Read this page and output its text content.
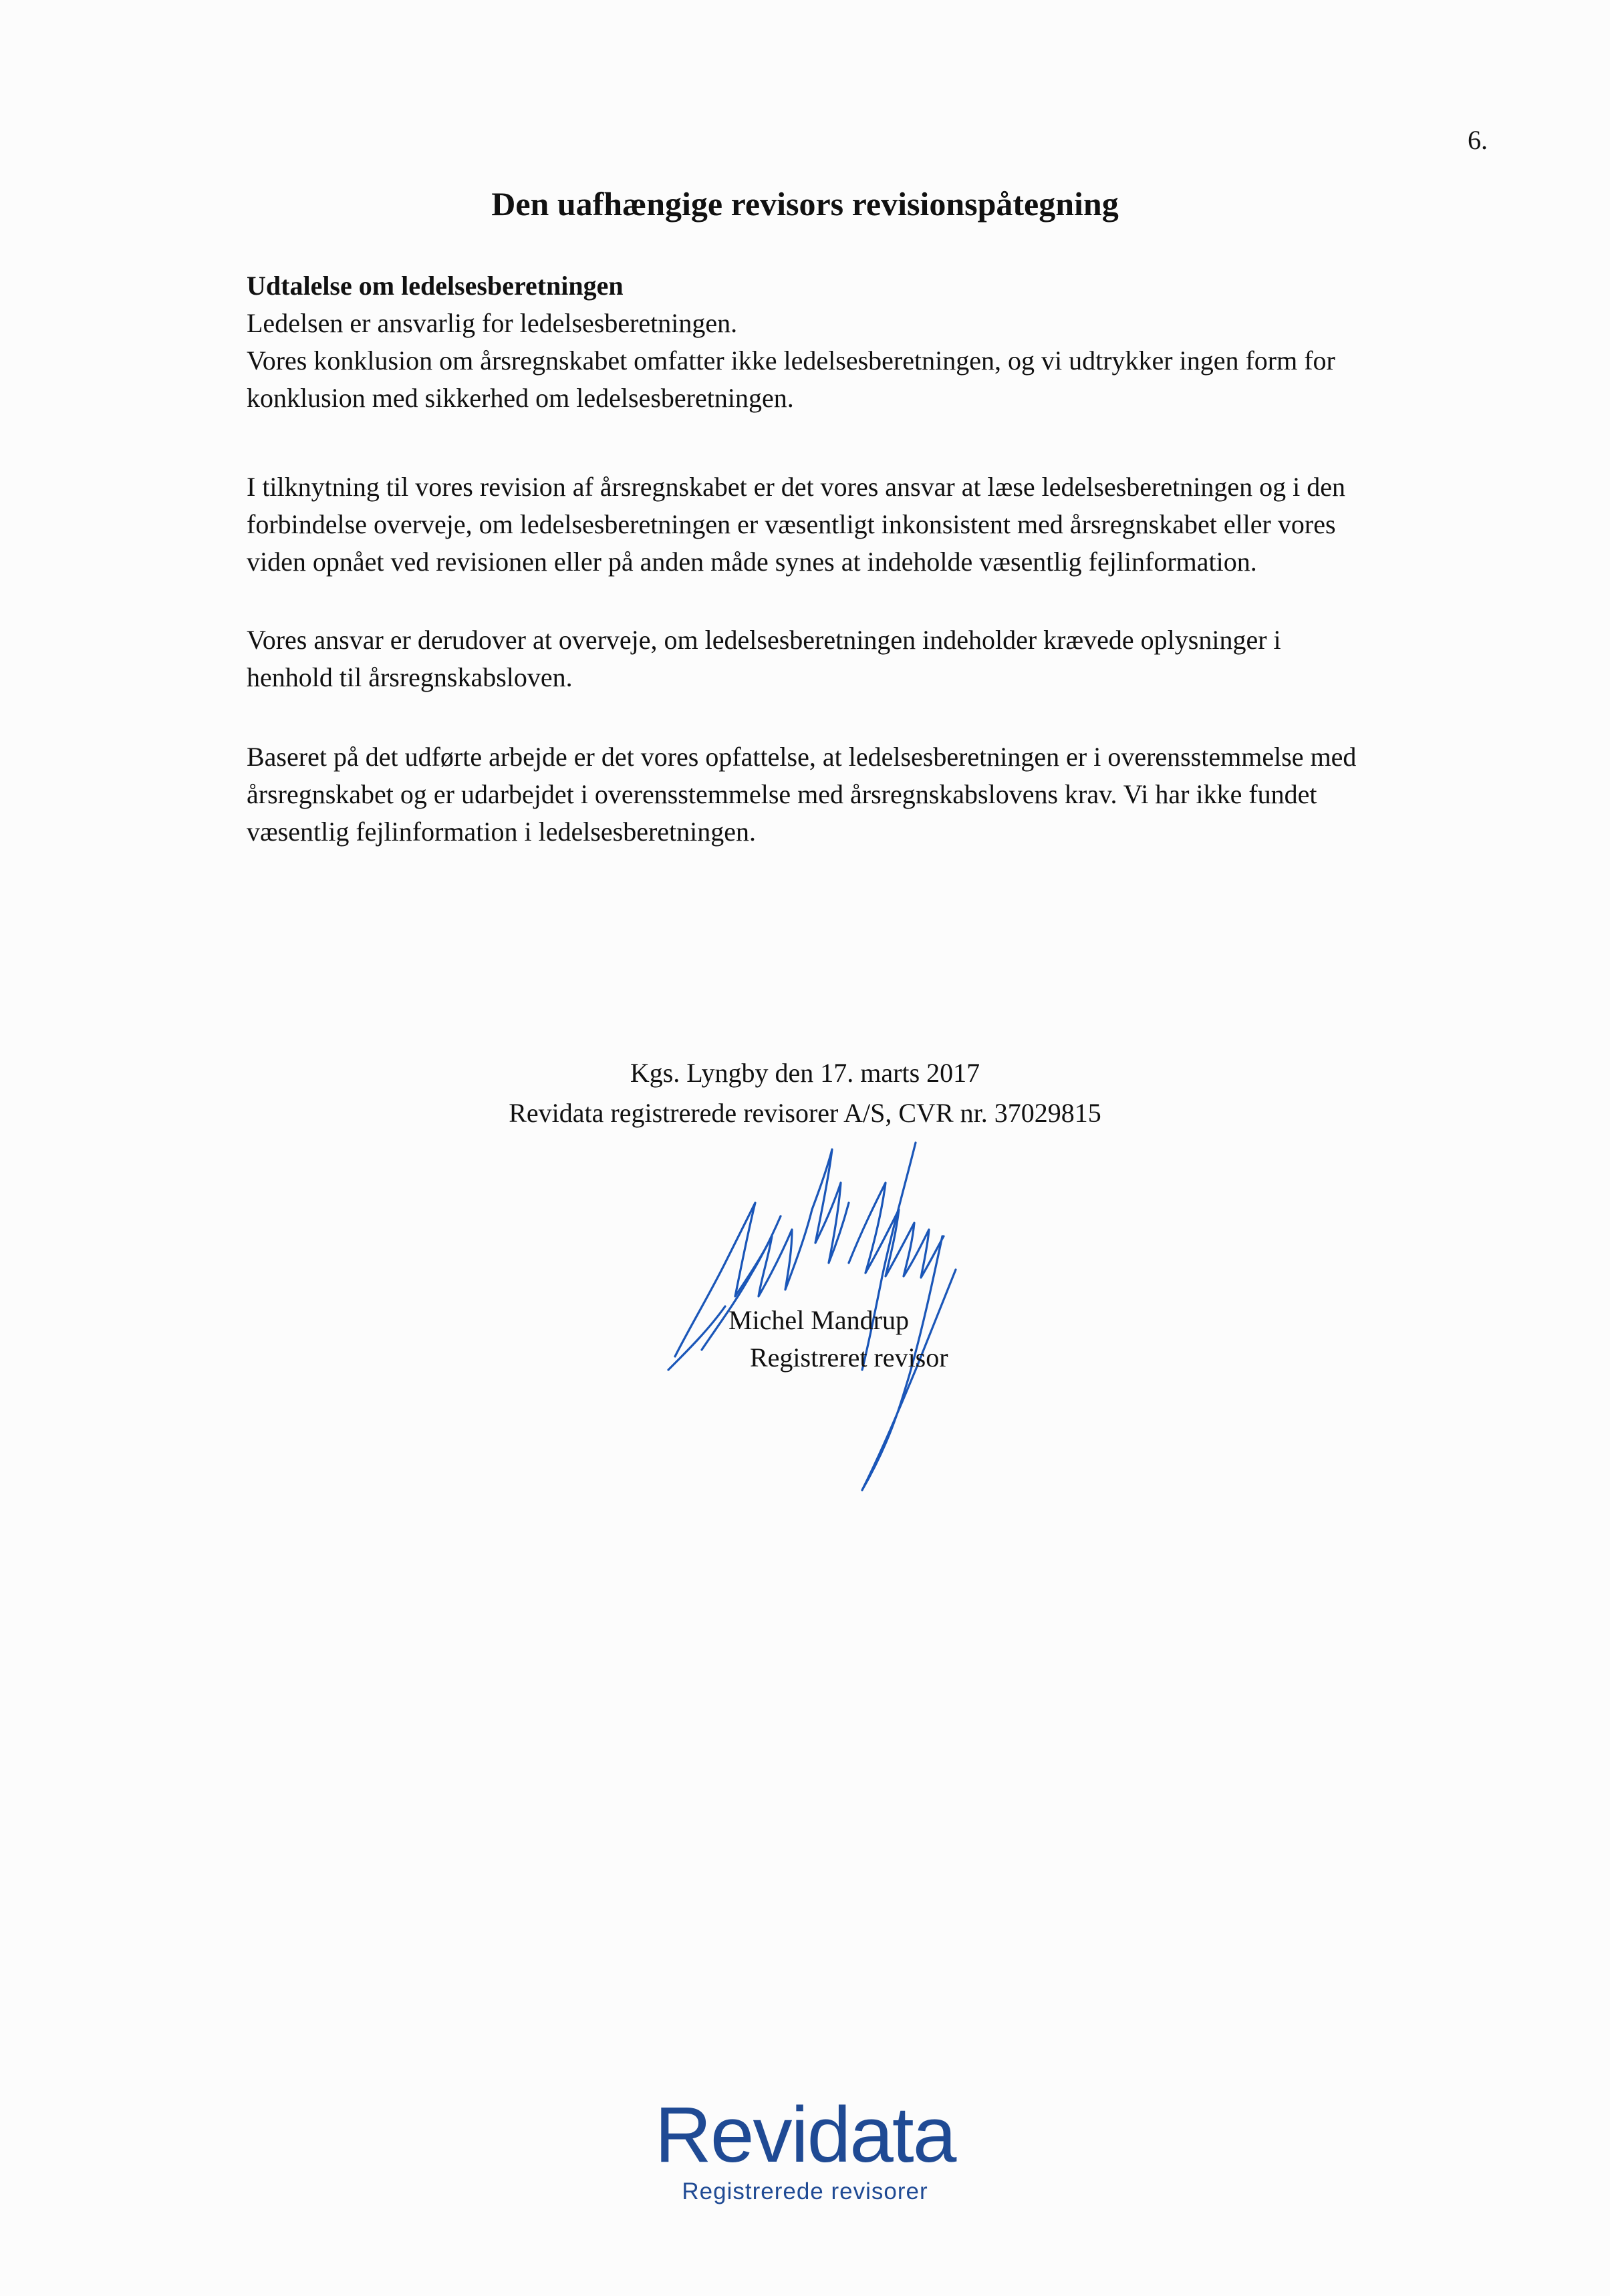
6.
Den uafhængige revisors revisionspåtegning
Udtalelse om ledelsesberetningen
Ledelsen er ansvarlig for ledelsesberetningen.
Vores konklusion om årsregnskabet omfatter ikke ledelsesberetningen, og vi udtrykker ingen form for
konklusion med sikkerhed om ledelsesberetningen.
I tilknytning til vores revision af årsregnskabet er det vores ansvar at læse ledelsesberetningen og i den
forbindelse overveje, om ledelsesberetningen er væsentligt inkonsistent med årsregnskabet eller vores
viden opnået ved revisionen eller på anden måde synes at indeholde væsentlig fejlinformation.
Vores ansvar er derudover at overveje, om ledelsesberetningen indeholder krævede oplysninger i
henhold til årsregnskabsloven.
Baseret på det udførte arbejde er det vores opfattelse, at ledelsesberetningen er i overensstemmelse med
årsregnskabet og er udarbejdet i overensstemmelse med årsregnskabslovens krav. Vi har ikke fundet
væsentlig fejlinformation i ledelsesberetningen.
Kgs. Lyngby den 17. marts 2017
Revidata registrerede revisorer A/S, CVR nr. 37029815
Michel Mandrup
Registreret revisor
Revidata
Registrerede revisorer
